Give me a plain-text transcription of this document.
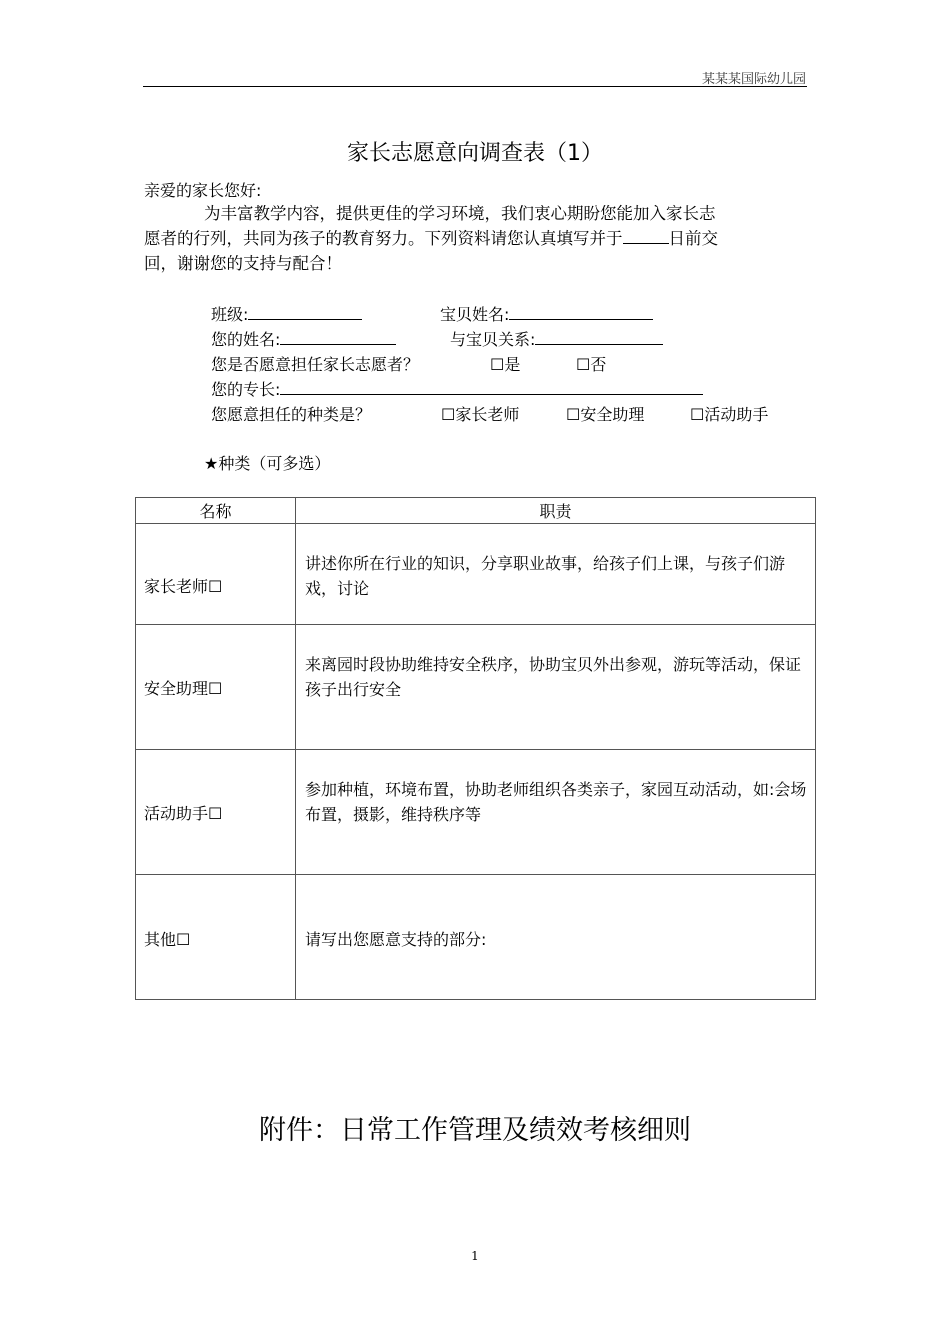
某某某国际幼儿园
家长志愿意向调查表（1）
亲爱的家长您好:
为丰富教学内容，提供更佳的学习环境，我们衷心期盼您能加入家长志
愿者的行列，共同为孩子的教育努力。下列资料请您认真填写并于	日前交
回，谢谢您的支持与配合！
班级:	宝贝姓名:
您的姓名:	与宝贝关系:
您是否愿意担任家长志愿者？	☐是	☐否
您的专长:
您愿意担任的种类是？	☐家长老师	☐安全助理	☐活动助手
★种类（可多选）
名称	职责

家长老师☐	讲述你所在行业的知识，分享职业故事，给孩子们上课，与孩子们游戏，讨论

安全助理☐	来离园时段协助维持安全秩序，协助宝贝外出参观，游玩等活动，保证孩子出行安全

活动助手☐	参加种植，环境布置，协助老师组织各类亲子，家园互动活动，如:会场布置，摄影，维持秩序等

其他☐	请写出您愿意支持的部分:
附件：日常工作管理及绩效考核细则
1
